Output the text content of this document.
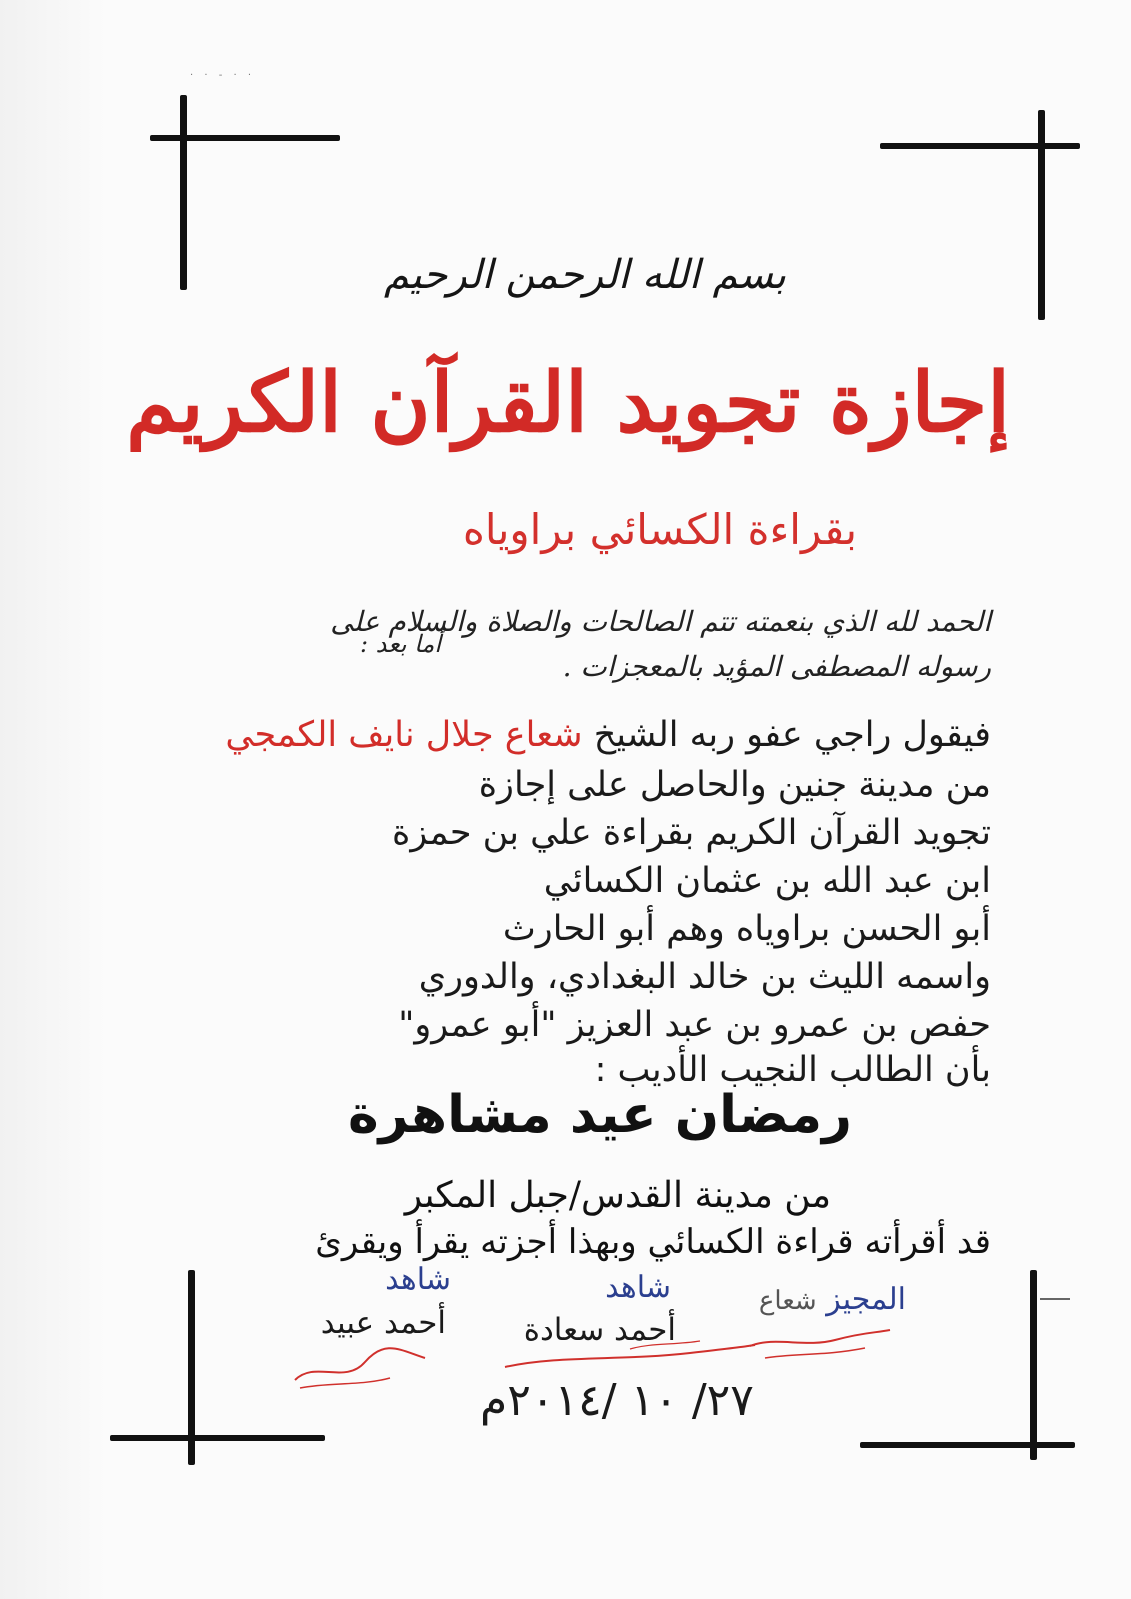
· · - · ·
بسم الله الرحمن الرحيم
إجازة تجويد القرآن الكريم
بقراءة الكسائي براوياه
الحمد لله الذي بنعمته تتم الصالحات والصلاة والسلام على
رسوله المصطفى المؤيد بالمعجزات .
أما بعد :
فيقول راجي عفو ربه الشيخ شعاع جلال نايف الكمجي
من مدينة جنين والحاصل على إجازة
تجويد القرآن الكريم بقراءة علي بن حمزة
ابن عبد الله بن عثمان الكسائي
أبو الحسن براوياه وهم أبو الحارث
واسمه الليث بن خالد البغدادي، والدوري
حفص بن عمرو بن عبد العزيز "أبو عمرو"
بأن الطالب النجيب الأديب :
رمضان عيد مشاهرة
من مدينة القدس/جبل المكبر
قد أقرأته قراءة الكسائي وبهذا أجزته يقرأ ويقرئ
المجيز شعاع
شاهد
أحمد سعادة
شاهد
أحمد عبيد
٢٧/ ١٠ /٢٠١٤م
